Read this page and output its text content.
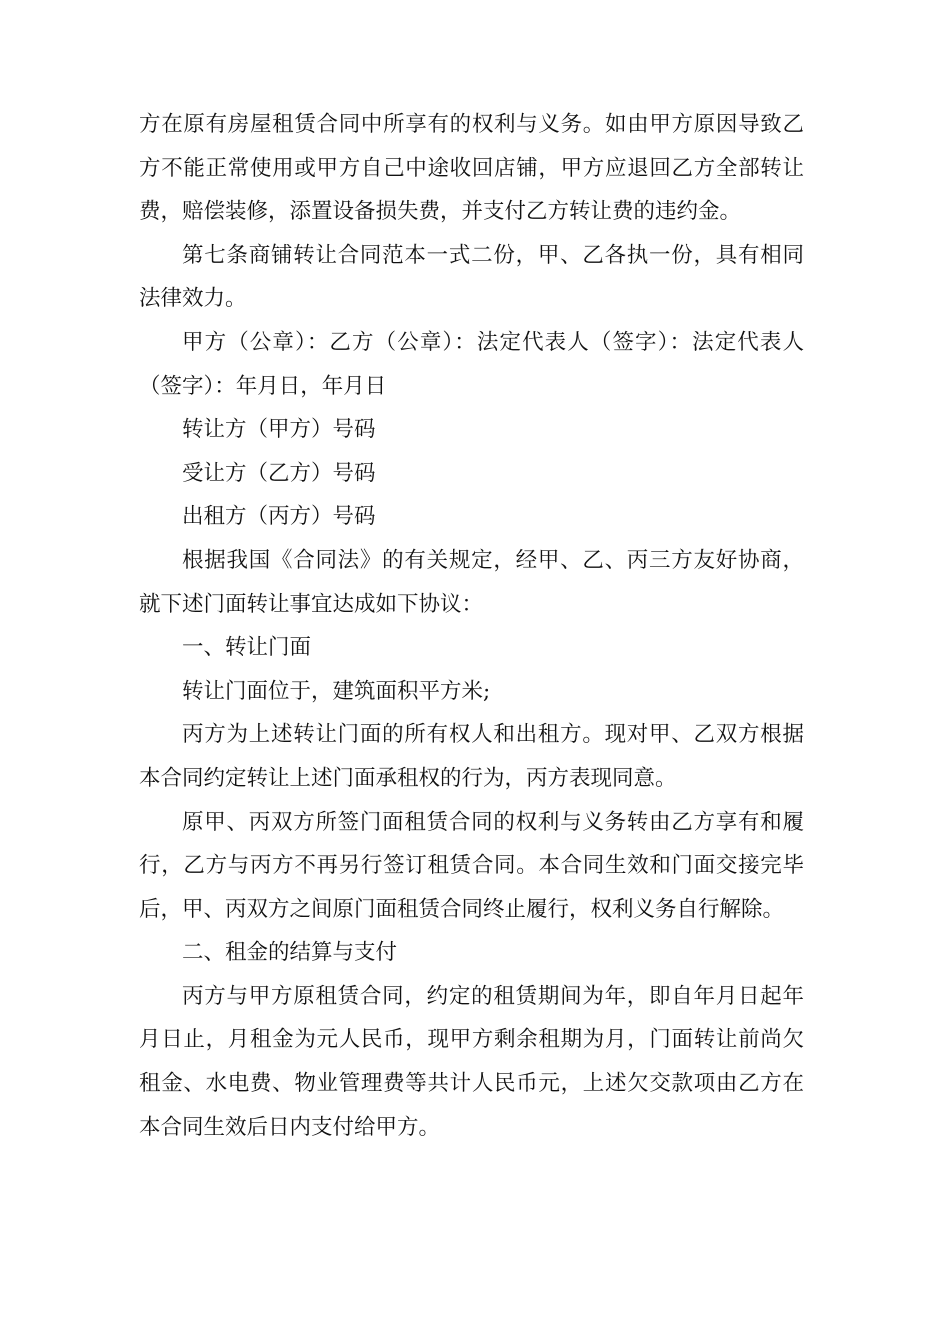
方在原有房屋租赁合同中所享有的权利与义务。如由甲方原因导致乙方不能正常使用或甲方自己中途收回店铺，甲方应退回乙方全部转让费，赔偿装修，添置设备损失费，并支付乙方转让费的违约金。

第七条商铺转让合同范本一式二份，甲、乙各执一份，具有相同法律效力。

甲方（公章）：乙方（公章）：法定代表人（签字）：法定代表人（签字）：年月日，年月日

转让方（甲方）号码

受让方（乙方）号码

出租方（丙方）号码

根据我国《合同法》的有关规定，经甲、乙、丙三方友好协商，就下述门面转让事宜达成如下协议：

一、转让门面

转让门面位于，建筑面积平方米;

丙方为上述转让门面的所有权人和出租方。现对甲、乙双方根据本合同约定转让上述门面承租权的行为，丙方表现同意。

原甲、丙双方所签门面租赁合同的权利与义务转由乙方享有和履行，乙方与丙方不再另行签订租赁合同。本合同生效和门面交接完毕后，甲、丙双方之间原门面租赁合同终止履行，权利义务自行解除。

二、租金的结算与支付

丙方与甲方原租赁合同，约定的租赁期间为年，即自年月日起年月日止，月租金为元人民币，现甲方剩余租期为月，门面转让前尚欠租金、水电费、物业管理费等共计人民币元，上述欠交款项由乙方在本合同生效后日内支付给甲方。
